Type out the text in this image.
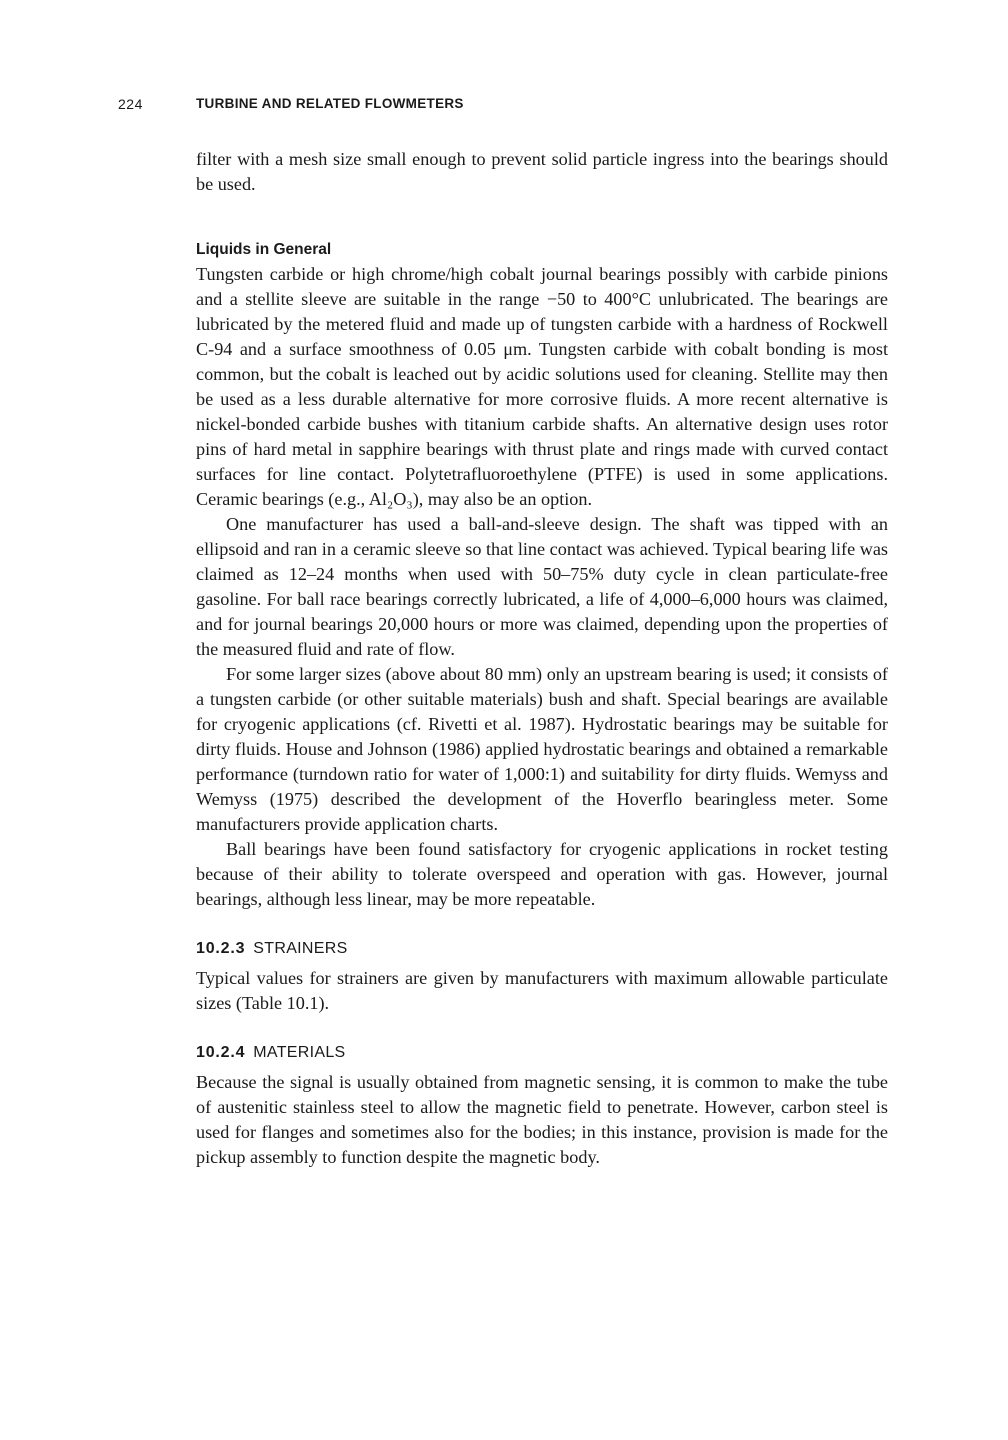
224	TURBINE AND RELATED FLOWMETERS

filter with a mesh size small enough to prevent solid particle ingress into the bearings should be used.

Liquids in General

Tungsten carbide or high chrome/high cobalt journal bearings possibly with carbide pinions and a stellite sleeve are suitable in the range −50 to 400°C unlubricated. The bearings are lubricated by the metered fluid and made up of tungsten carbide with a hardness of Rockwell C-94 and a surface smoothness of 0.05 μm. Tungsten carbide with cobalt bonding is most common, but the cobalt is leached out by acidic solutions used for cleaning. Stellite may then be used as a less durable alternative for more corrosive fluids. A more recent alternative is nickel-bonded carbide bushes with titanium carbide shafts. An alternative design uses rotor pins of hard metal in sapphire bearings with thrust plate and rings made with curved contact surfaces for line contact. Polytetrafluoroethylene (PTFE) is used in some applications. Ceramic bearings (e.g., Al₂O₃), may also be an option.

One manufacturer has used a ball-and-sleeve design. The shaft was tipped with an ellipsoid and ran in a ceramic sleeve so that line contact was achieved. Typical bearing life was claimed as 12–24 months when used with 50–75% duty cycle in clean particulate-free gasoline. For ball race bearings correctly lubricated, a life of 4,000–6,000 hours was claimed, and for journal bearings 20,000 hours or more was claimed, depending upon the properties of the measured fluid and rate of flow.

For some larger sizes (above about 80 mm) only an upstream bearing is used; it consists of a tungsten carbide (or other suitable materials) bush and shaft. Special bearings are available for cryogenic applications (cf. Rivetti et al. 1987). Hydrostatic bearings may be suitable for dirty fluids. House and Johnson (1986) applied hydrostatic bearings and obtained a remarkable performance (turndown ratio for water of 1,000:1) and suitability for dirty fluids. Wemyss and Wemyss (1975) described the development of the Hoverflo bearingless meter. Some manufacturers provide application charts.

Ball bearings have been found satisfactory for cryogenic applications in rocket testing because of their ability to tolerate overspeed and operation with gas. However, journal bearings, although less linear, may be more repeatable.

10.2.3 STRAINERS

Typical values for strainers are given by manufacturers with maximum allowable particulate sizes (Table 10.1).

10.2.4 MATERIALS

Because the signal is usually obtained from magnetic sensing, it is common to make the tube of austenitic stainless steel to allow the magnetic field to penetrate. However, carbon steel is used for flanges and sometimes also for the bodies; in this instance, provision is made for the pickup assembly to function despite the magnetic body.
